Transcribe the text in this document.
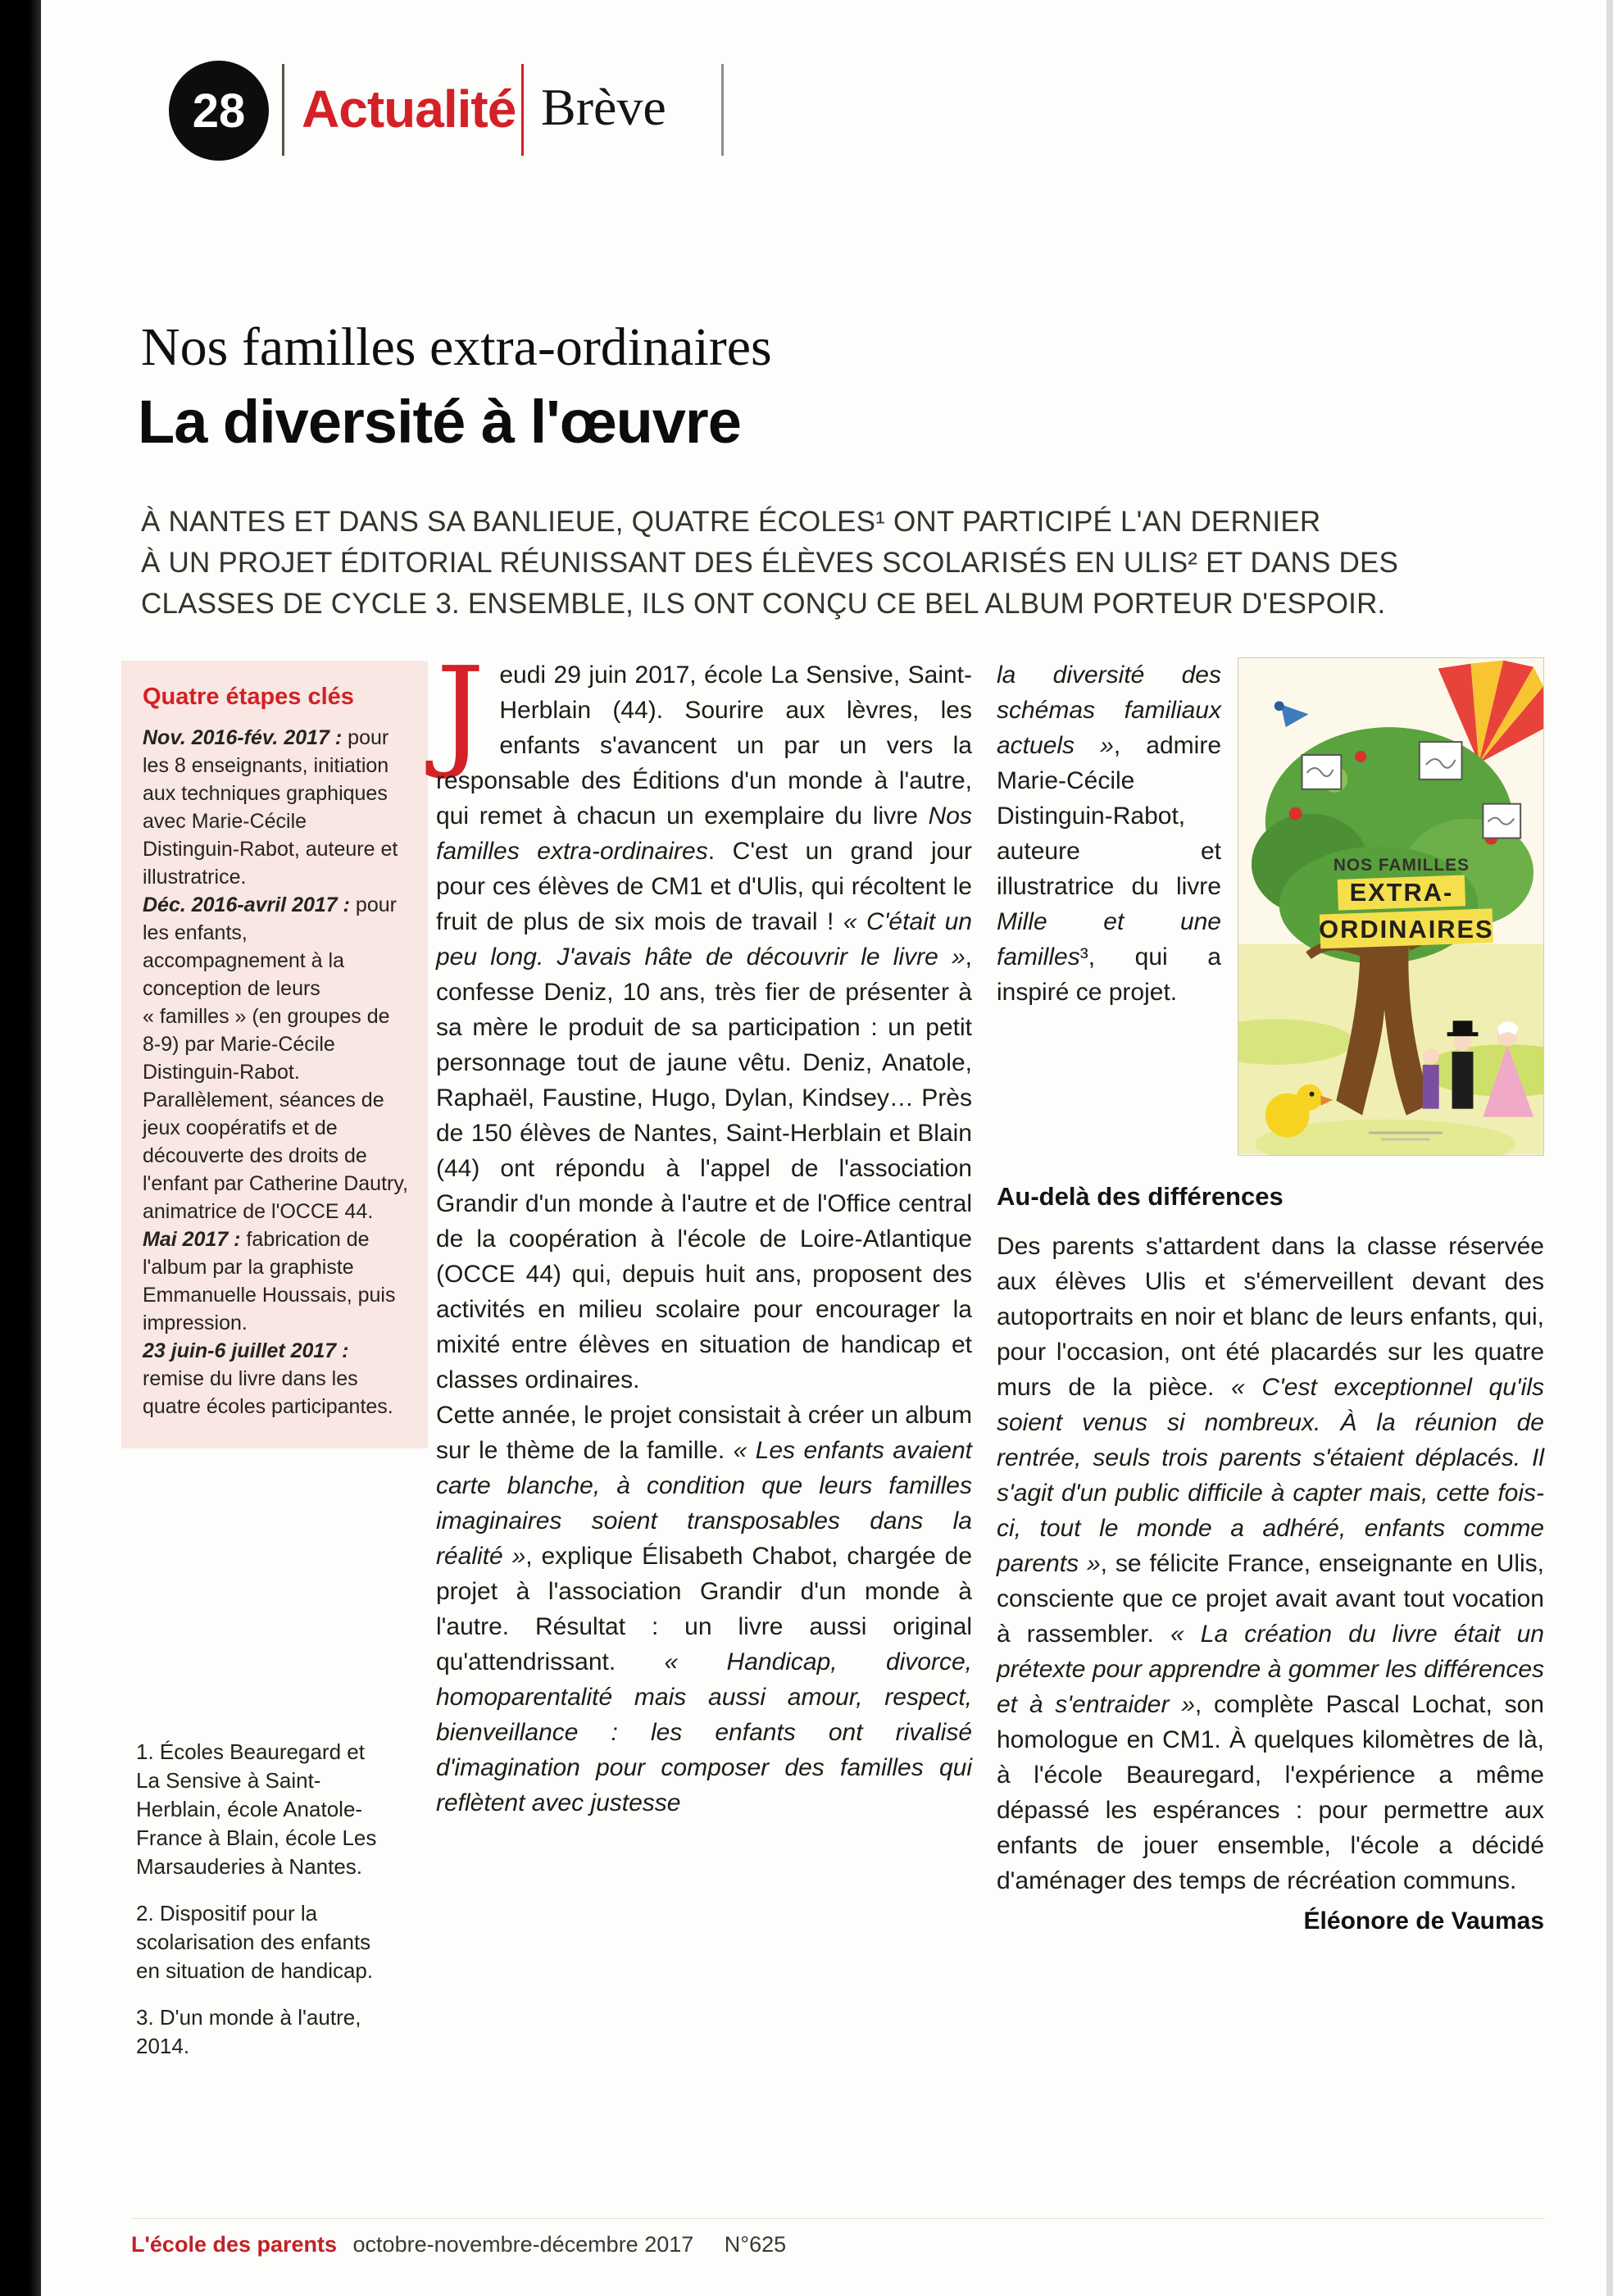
28 Actualité Brève
Nos familles extra-ordinaires
La diversité à l'œuvre
À NANTES ET DANS SA BANLIEUE, QUATRE ÉCOLES¹ ONT PARTICIPÉ L'AN DERNIER
À UN PROJET ÉDITORIAL RÉUNISSANT DES ÉLÈVES SCOLARISÉS EN ULIS² ET DANS DES
CLASSES DE CYCLE 3. ENSEMBLE, ILS ONT CONÇU CE BEL ALBUM PORTEUR D'ESPOIR.
Quatre étapes clés

Nov. 2016-fév. 2017 : pour les 8 enseignants, initiation aux techniques graphiques avec Marie-Cécile Distinguin-Rabot, auteure et illustratrice.

Déc. 2016-avril 2017 : pour les enfants, accompagnement à la conception de leurs « familles » (en groupes de 8-9) par Marie-Cécile Distinguin-Rabot. Parallèlement, séances de jeux coopératifs et de découverte des droits de l'enfant par Catherine Dautry, animatrice de l'OCCE 44.

Mai 2017 : fabrication de l'album par la graphiste Emmanuelle Houssais, puis impression.

23 juin-6 juillet 2017 : remise du livre dans les quatre écoles participantes.

1. Écoles Beauregard et La Sensive à Saint-Herblain, école Anatole-France à Blain, école Les Marsauderies à Nantes.

2. Dispositif pour la scolarisation des enfants en situation de handicap.

3. D'un monde à l'autre, 2014.

Jeudi 29 juin 2017, école La Sensive, Saint-Herblain (44). Sourire aux lèvres, les enfants s'avancent un par un vers la responsable des Éditions d'un monde à l'autre, qui remet à chacun un exemplaire du livre Nos familles extra-ordinaires. C'est un grand jour pour ces élèves de CM1 et d'Ulis, qui récoltent le fruit de plus de six mois de travail ! « C'était un peu long. J'avais hâte de découvrir le livre », confesse Deniz, 10 ans, très fier de présenter à sa mère le produit de sa participation : un petit personnage tout de jaune vêtu. Deniz, Anatole, Raphaël, Faustine, Hugo, Dylan, Kindsey… Près de 150 élèves de Nantes, Saint-Herblain et Blain (44) ont répondu à l'appel de l'association Grandir d'un monde à l'autre et de l'Office central de la coopération à l'école de Loire-Atlantique (OCCE 44) qui, depuis huit ans, proposent des activités en milieu scolaire pour encourager la mixité entre élèves en situation de handicap et classes ordinaires.

Cette année, le projet consistait à créer un album sur le thème de la famille. « Les enfants avaient carte blanche, à condition que leurs familles imaginaires soient transposables dans la réalité », explique Élisabeth Chabot, chargée de projet à l'association Grandir d'un monde à l'autre. Résultat : un livre aussi original qu'attendrissant. « Handicap, divorce, homoparentalité mais aussi amour, respect, bienveillance : les enfants ont rivalisé d'imagination pour composer des familles qui reflètent avec justesse

NOS FAMILLES
EXTRA-
ORDINAIRES

la diversité des schémas familiaux actuels », admire Marie-Cécile Distinguin-Rabot, auteure et illustratrice du livre Mille et une familles³, qui a inspiré ce projet.

Au-delà des différences

Des parents s'attardent dans la classe réservée aux élèves Ulis et s'émerveillent devant des autoportraits en noir et blanc de leurs enfants, qui, pour l'occasion, ont été placardés sur les quatre murs de la pièce. « C'est exceptionnel qu'ils soient venus si nombreux. À la réunion de rentrée, seuls trois parents s'étaient déplacés. Il s'agit d'un public difficile à capter mais, cette fois-ci, tout le monde a adhéré, enfants comme parents », se félicite France, enseignante en Ulis, consciente que ce projet avait avant tout vocation à rassembler. « La création du livre était un prétexte pour apprendre à gommer les différences et à s'entraider », complète Pascal Lochat, son homologue en CM1. À quelques kilomètres de là, à l'école Beauregard, l'expérience a même dépassé les espérances : pour permettre aux enfants de jouer ensemble, l'école a décidé d'aménager des temps de récréation communs.

Éléonore de Vaumas
L'école des parents octobre-novembre-décembre 2017 N°625
